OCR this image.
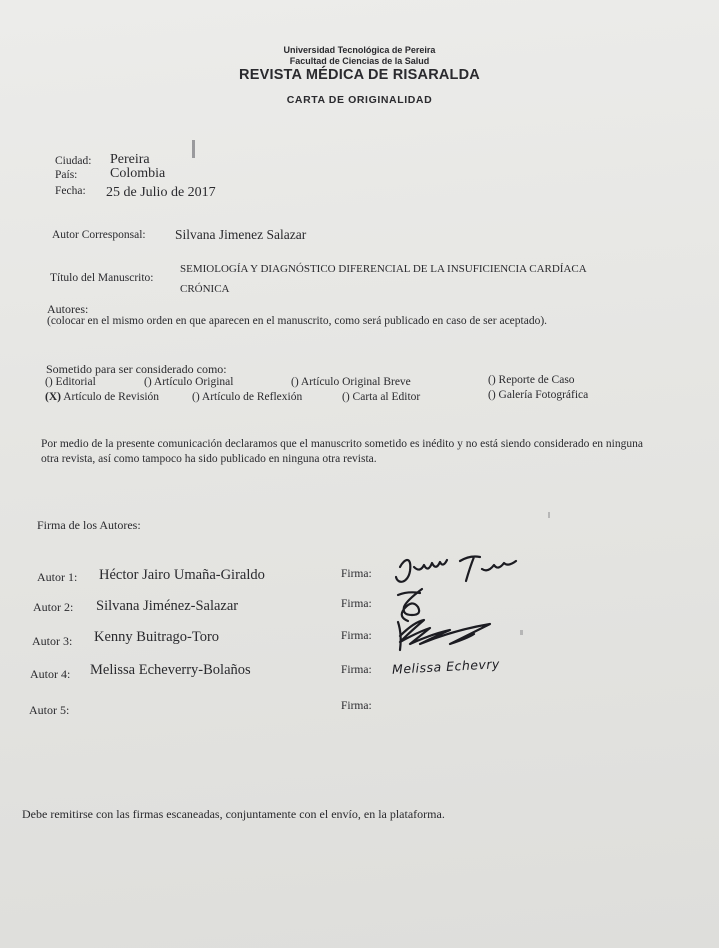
Universidad Tecnológica de Pereira
Facultad de Ciencias de la Salud
REVISTA MÉDICA DE RISARALDA
CARTA DE ORIGINALIDAD
Ciudad: Pereira
País: Colombia
Fecha: 25 de Julio de 2017
Autor Corresponsal: Silvana Jimenez Salazar
Título del Manuscrito:
SEMIOLOGÍA Y DIAGNÓSTICO DIFERENCIAL DE LA INSUFICIENCIA CARDÍACA
CRÓNICA
Autores:
(colocar en el mismo orden en que aparecen en el manuscrito, como será publicado en caso de ser aceptado).
Sometido para ser considerado como:
() Editorial	() Artículo Original	() Artículo Original Breve	() Reporte de Caso
(X) Artículo de Revisión	() Artículo de Reflexión	() Carta al Editor	() Galería Fotográfica
Por medio de la presente comunicación declaramos que el manuscrito sometido es inédito y no está siendo considerado en ninguna otra revista, así como tampoco ha sido publicado en ninguna otra revista.
Firma de los Autores:
Autor 1: Héctor Jairo Umaña-Giraldo	Firma:
Autor 2: Silvana Jiménez-Salazar	Firma:
Autor 3: Kenny Buitrago-Toro	Firma:
Autor 4: Melissa Echeverry-Bolaños	Firma: Melissa Echevry
Autor 5:	Firma:
Debe remitirse con las firmas escaneadas, conjuntamente con el envío, en la plataforma.
